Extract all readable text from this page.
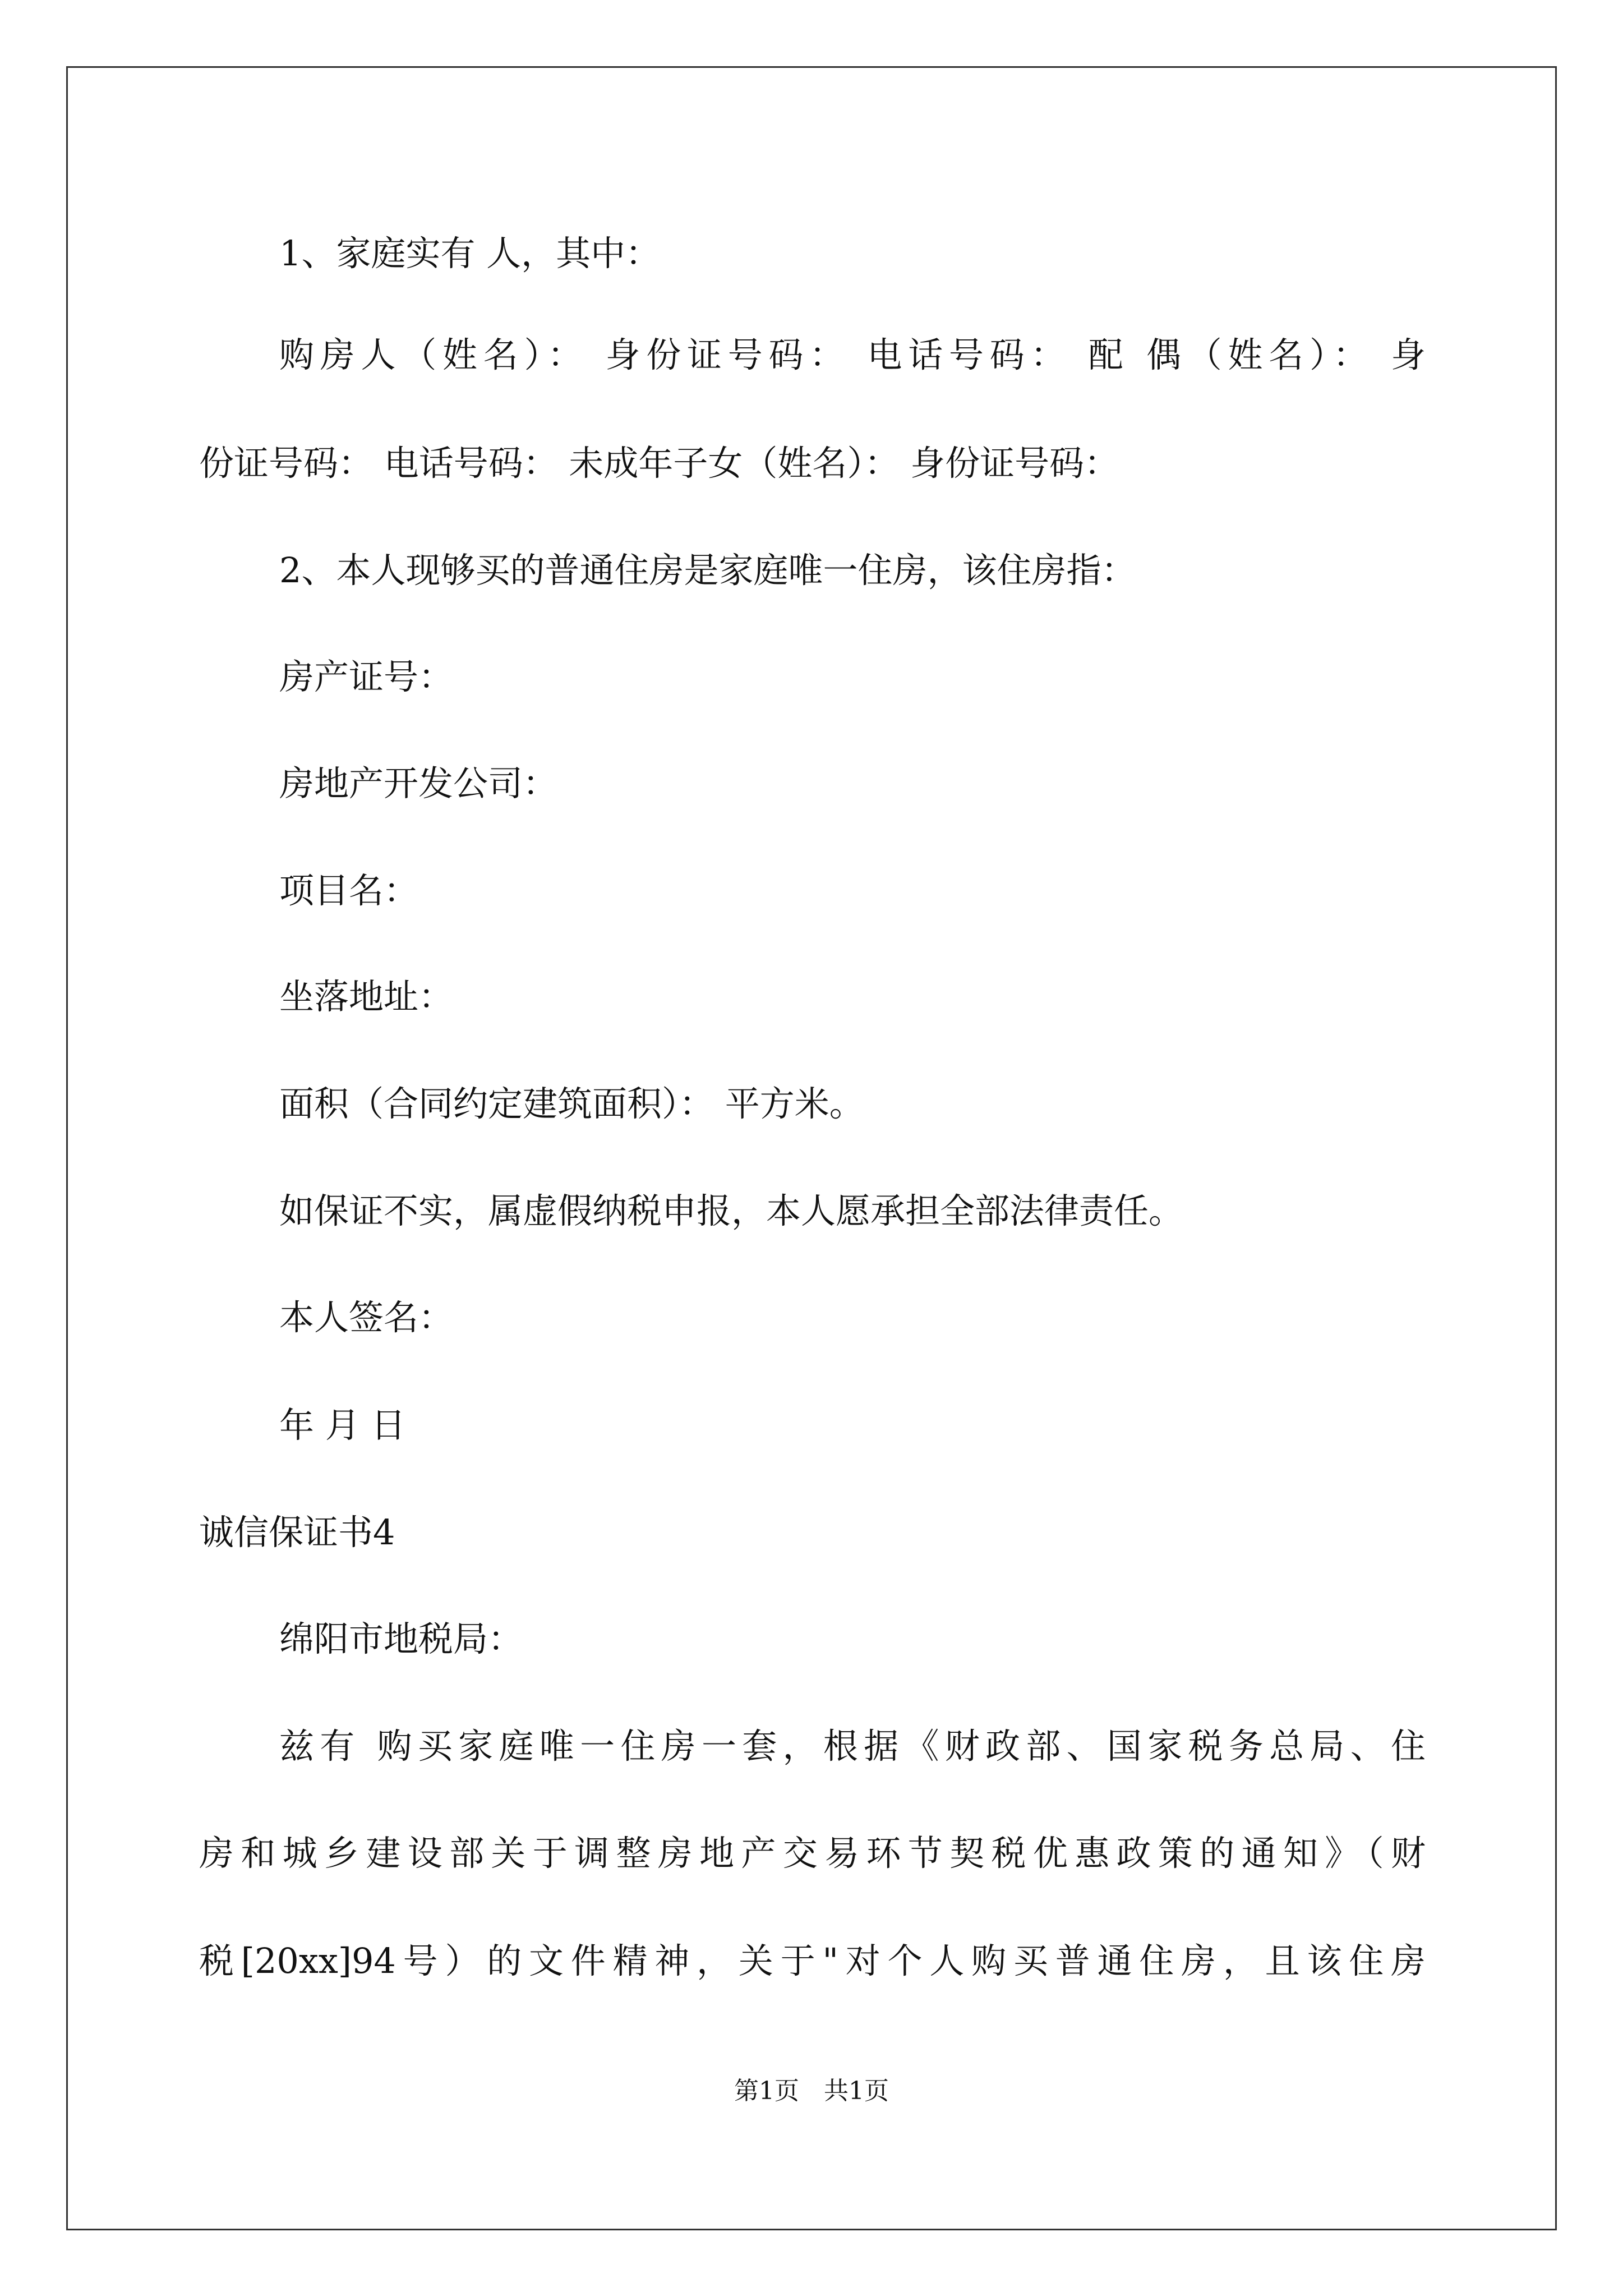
1、家庭实有 人，其中：
购房人（姓名）： 身份证号码： 电话号码： 配 偶（姓名）： 身
份证号码： 电话号码： 未成年子女（姓名）： 身份证号码：
2、本人现够买的普通住房是家庭唯一住房，该住房指：
房产证号：
房地产开发公司：
项目名：
坐落地址：
面积（合同约定建筑面积）： 平方米。
如保证不实，属虚假纳税申报，本人愿承担全部法律责任。
本人签名：
年 月 日
诚信保证书4
绵阳市地税局：
兹有 购买家庭唯一住房一套，根据《财政部、国家税务总局、住
房和城乡建设部关于调整房地产交易环节契税优惠政策的通知》（财
税[20xx]94号）的文件精神，关于"对个人购买普通住房，且该住房
第1页　共1页
